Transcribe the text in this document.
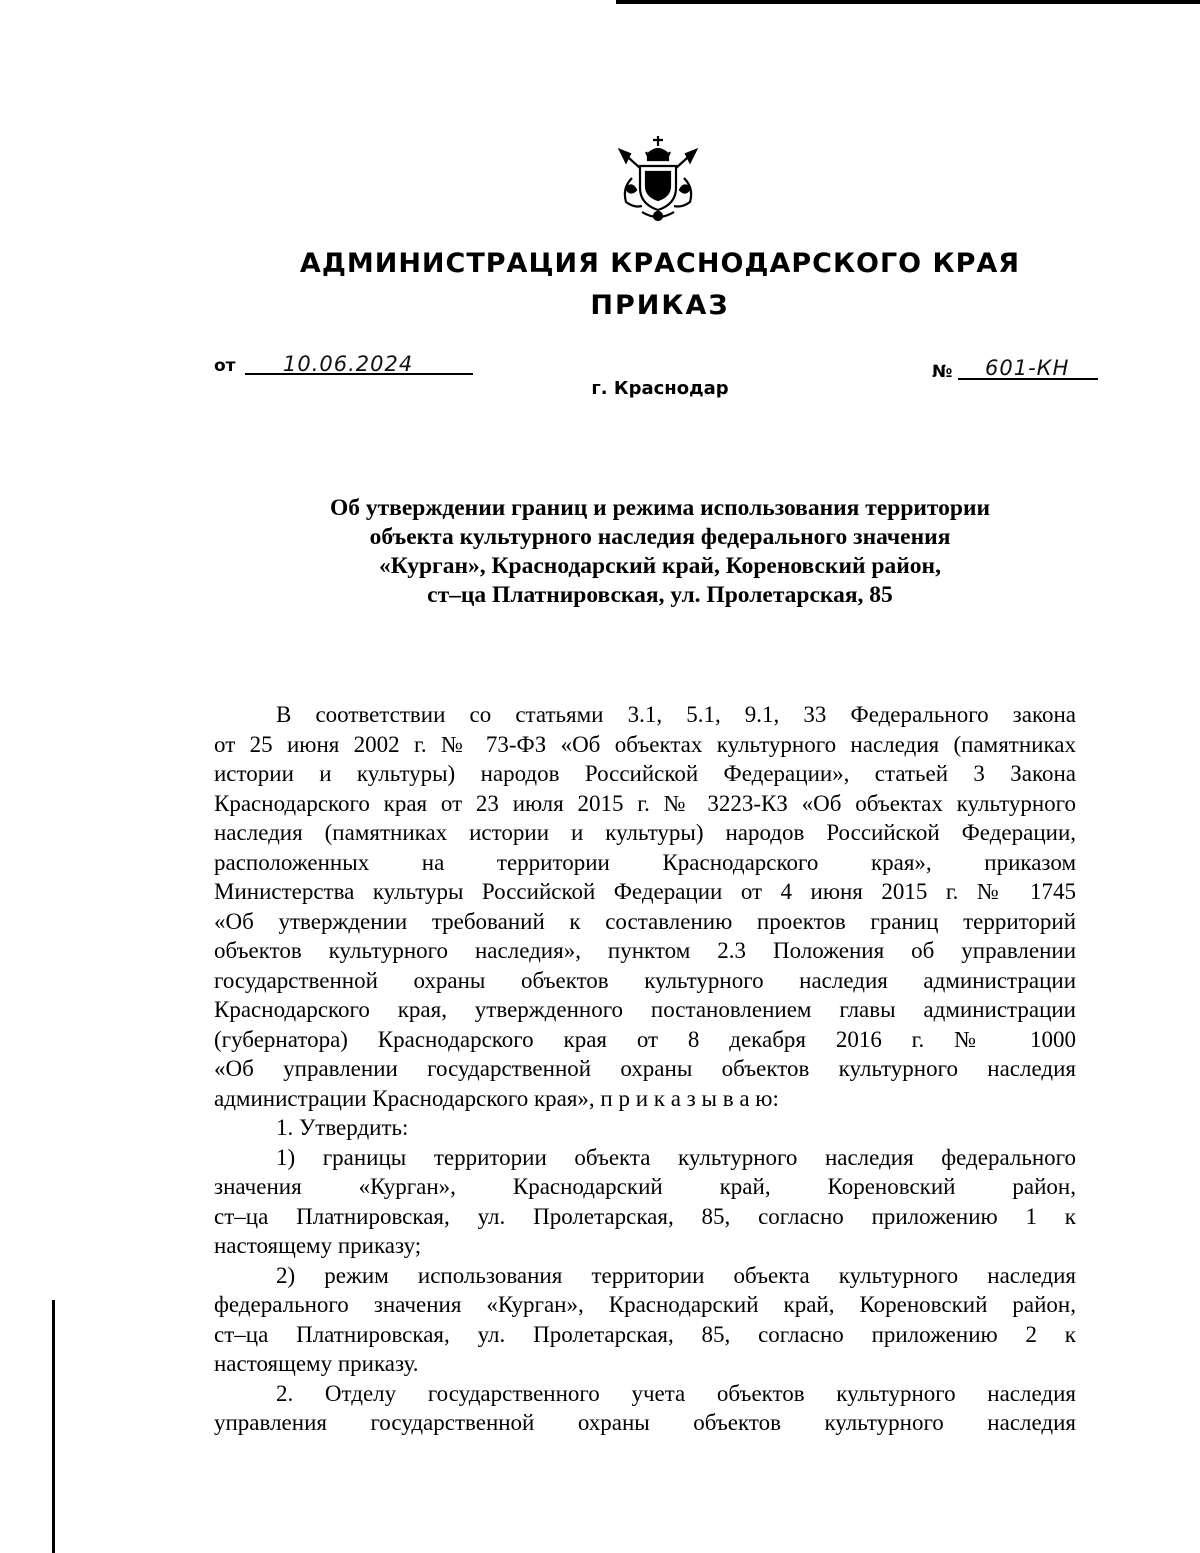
АДМИНИСТРАЦИЯ КРАСНОДАРСКОГО КРАЯ
ПРИКАЗ
от 10.06.2024	№ 601-КН
г. Краснодар
Об утверждении границ и режима использования территории
объекта культурного наследия федерального значения
«Курган», Краснодарский край, Кореновский район,
ст–ца Платнировская, ул. Пролетарская, 85

В соответствии со статьями 3.1, 5.1, 9.1, 33 Федерального закона
от 25 июня 2002 г. № 73-ФЗ «Об объектах культурного наследия (памятниках
истории и культуры) народов Российской Федерации», статьей 3 Закона
Краснодарского края от 23 июля 2015 г. № 3223-КЗ «Об объектах культурного
наследия (памятниках истории и культуры) народов Российской Федерации,
расположенных на территории Краснодарского края», приказом
Министерства культуры Российской Федерации от 4 июня 2015 г. № 1745
«Об утверждении требований к составлению проектов границ территорий
объектов культурного наследия», пунктом 2.3 Положения об управлении
государственной охраны объектов культурного наследия администрации
Краснодарского края, утвержденного постановлением главы администрации
(губернатора) Краснодарского края от 8 декабря 2016 г. № 1000
«Об управлении государственной охраны объектов культурного наследия
администрации Краснодарского края», п р и к а з ы в а ю:

1. Утвердить:

1) границы территории объекта культурного наследия федерального
значения «Курган», Краснодарский край, Кореновский район,
ст–ца Платнировская, ул. Пролетарская, 85, согласно приложению 1 к
настоящему приказу;

2) режим использования территории объекта культурного наследия
федерального значения «Курган», Краснодарский край, Кореновский район,
ст–ца Платнировская, ул. Пролетарская, 85, согласно приложению 2 к
настоящему приказу.

2. Отделу государственного учета объектов культурного наследия
управления государственной охраны объектов культурного наследия
